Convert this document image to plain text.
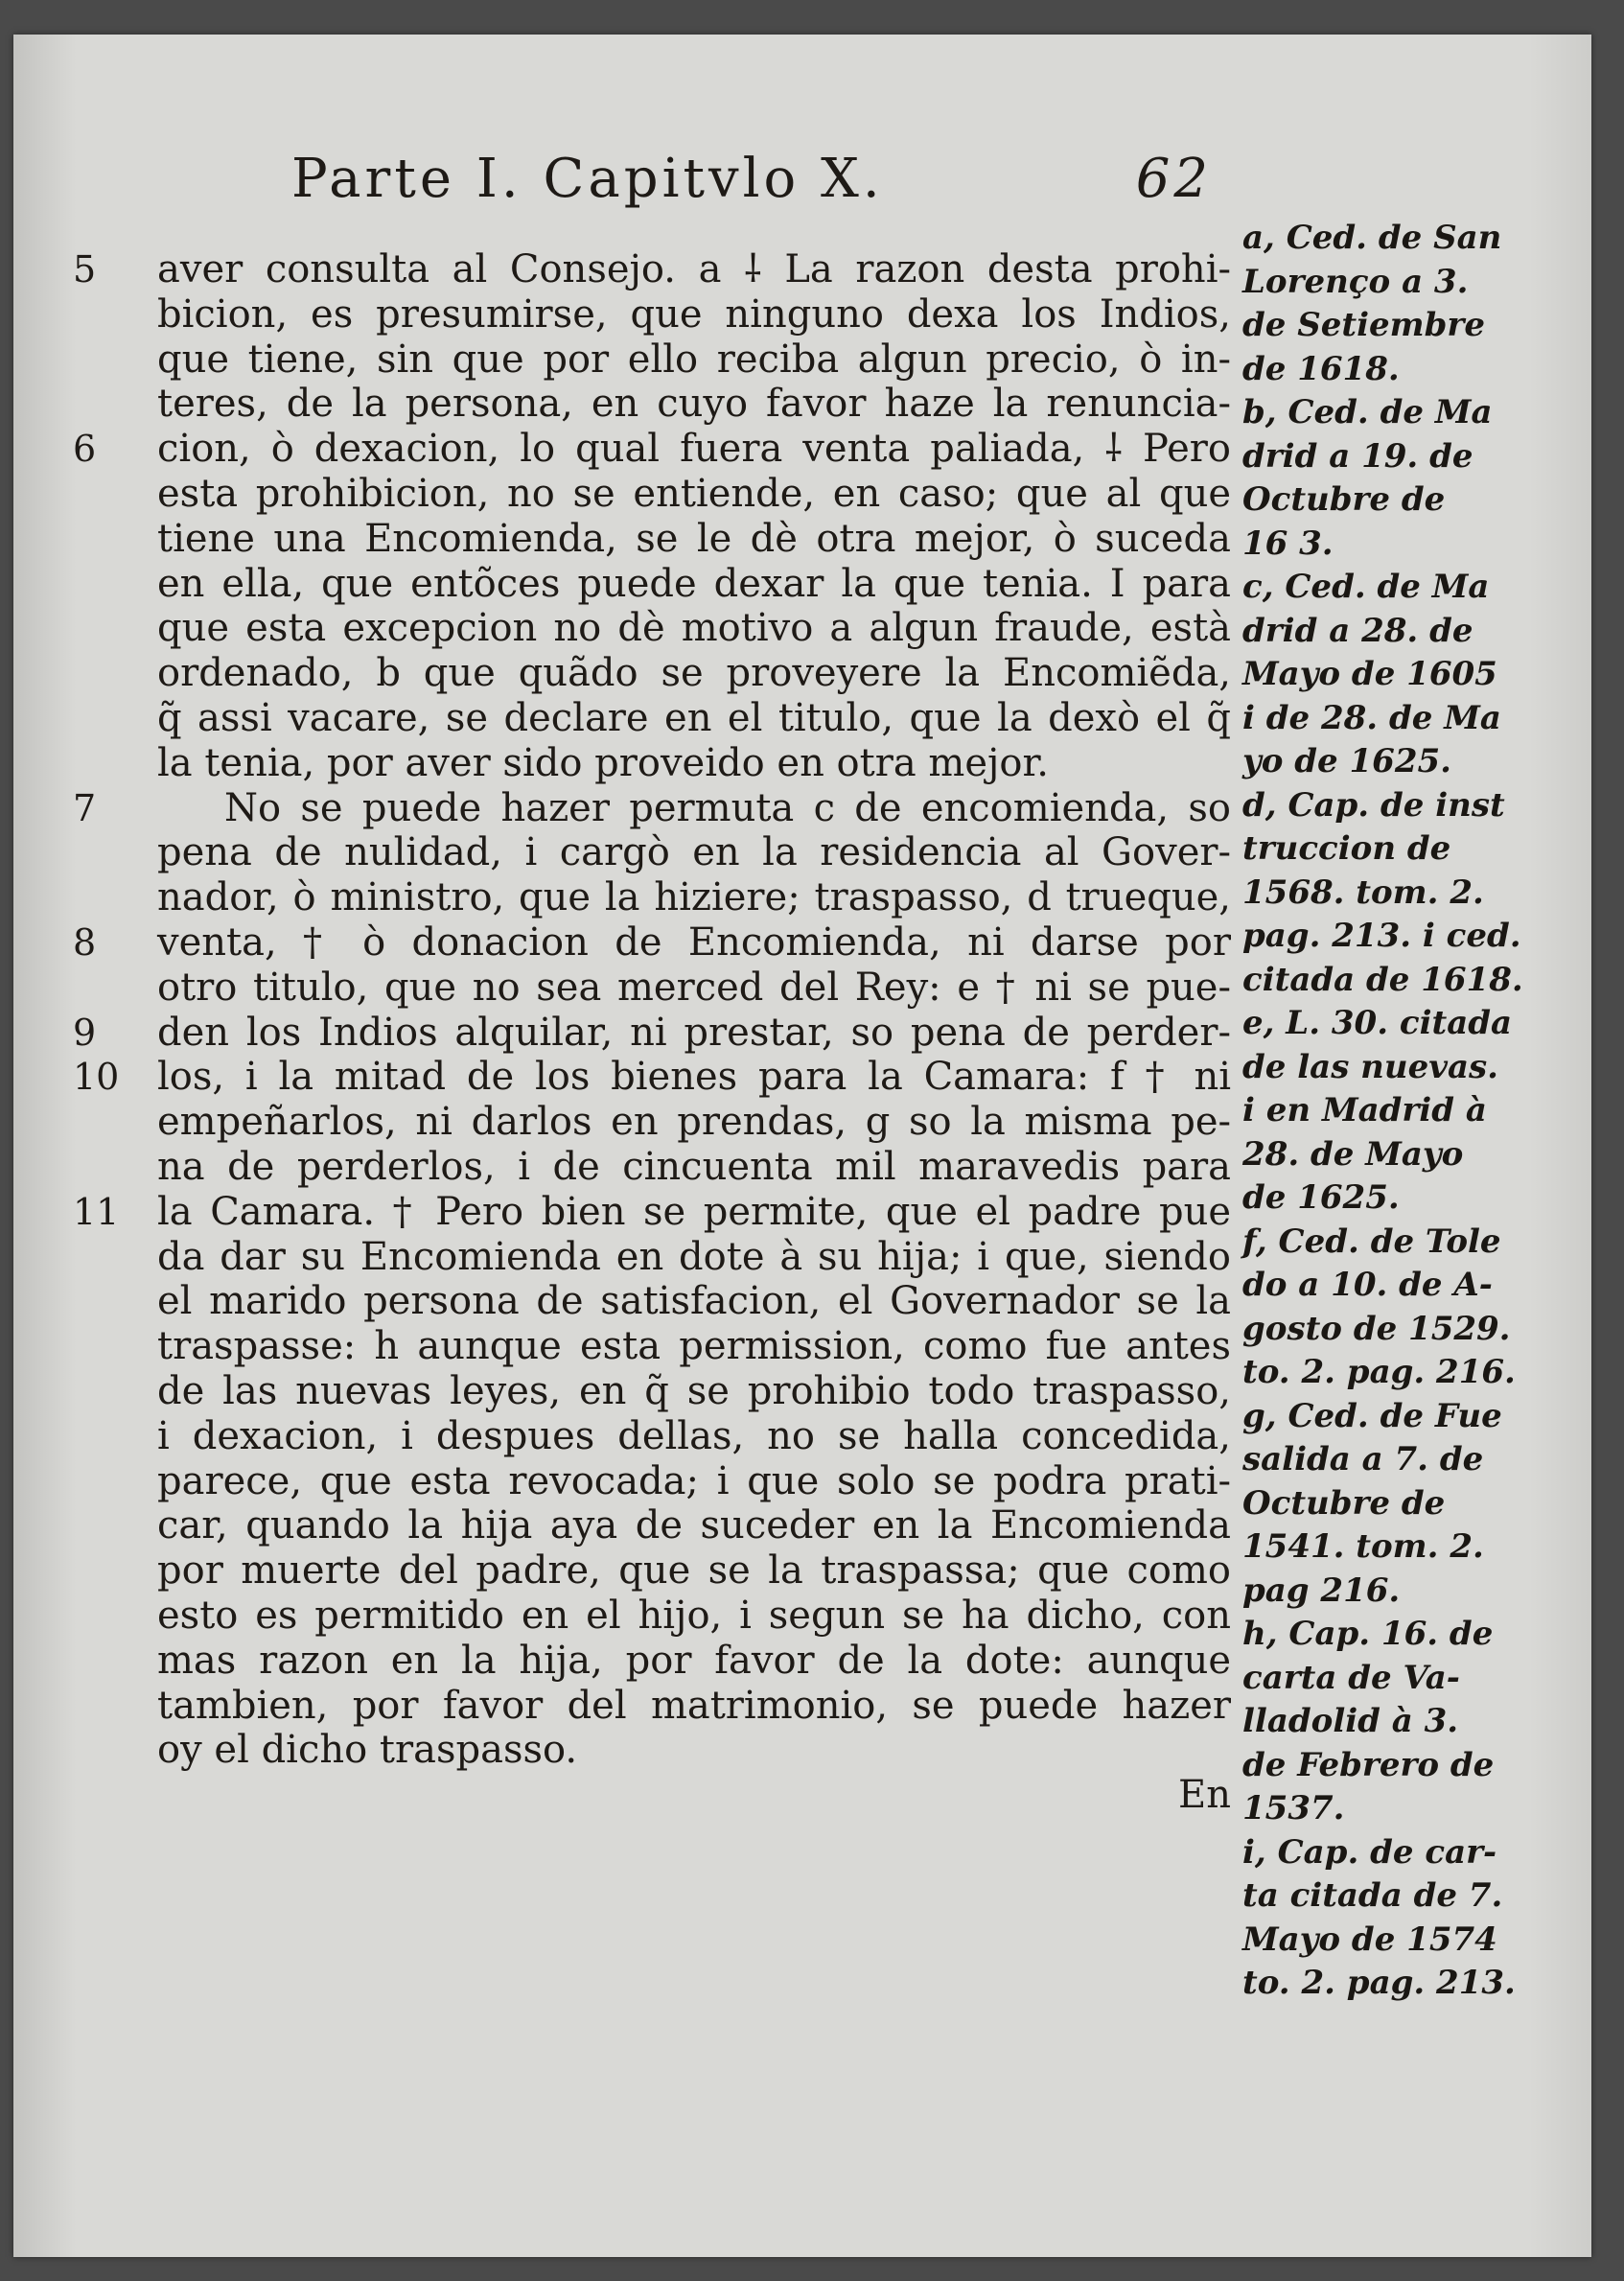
Parte I. Capitvlo X.	62
5	aver consulta al Consejo. a ⸸ La razon desta prohi-
bicion, es presumirse, que ninguno dexa los Indios,
que tiene, sin que por ello reciba algun precio, ò in-
teres, de la persona, en cuyo favor haze la renuncia-
6	cion, ò dexacion, lo qual fuera venta paliada, ⸸ Pero
esta prohibicion, no se entiende, en caso; que al que
tiene una Encomienda, se le dè otra mejor, ò suceda
en ella, que entõces puede dexar la que tenia. I para
que esta excepcion no dè motivo a algun fraude, està
ordenado, b que quãdo se proveyere la Encomiẽda,
q̃ assi vacare, se declare en el titulo, que la dexò el q̃
la tenia, por aver sido proveido en otra mejor.
7	No se puede hazer permuta c de encomienda, so
pena de nulidad, i cargò en la residencia al Gover-
nador, ò ministro, que la hiziere; traspasso, d trueque,
8	venta, † ò donacion de Encomienda, ni darse por
otro titulo, que no sea merced del Rey: e † ni se pue-
9	den los Indios alquilar, ni prestar, so pena de perder-
10 los, i la mitad de los bienes para la Camara: f † ni
empeñarlos, ni darlos en prendas, g so la misma pe-
na de perderlos, i de cincuenta mil maravedis para
11 la Camara. † Pero bien se permite, que el padre pue
da dar su Encomienda en dote à su hija; i que, siendo
el marido persona de satisfacion, el Governador se la
traspasse: h aunque esta permission, como fue antes
de las nuevas leyes, en q̃ se prohibio todo traspasso,
i dexacion, i despues dellas, no se halla concedida,
parece, que esta revocada; i que solo se podra prati-
car, quando la hija aya de suceder en la Encomienda
por muerte del padre, que se la traspassa; que como
esto es permitido en el hijo, i segun se ha dicho, con
mas razon en la hija, por favor de la dote: aunque
tambien, por favor del matrimonio, se puede hazer
oy el dicho traspasso.
En
a, Ced. de San
Lorenço a 3.
de Setiembre
de 1618.
b, Ced. de Ma
drid a 19. de
Octubre de
16 3.
c, Ced. de Ma
drid a 28. de
Mayo de 1605
i de 28. de Ma
yo de 1625.
d, Cap. de inst
truccion de
1568. tom. 2.
pag. 213. i ced.
citada de 1618.
e, L. 30. citada
de las nuevas.
i en Madrid à
28. de Mayo
de 1625.
f, Ced. de Tole
do a 10. de A-
gosto de 1529.
to. 2. pag. 216.
g, Ced. de Fue
salida a 7. de
Octubre de
1541. tom. 2.
pag 216.
h, Cap. 16. de
carta de Va-
lladolid à 3.
de Febrero de
1537.
i, Cap. de car-
ta citada de 7.
Mayo de 1574
to. 2. pag. 213.
